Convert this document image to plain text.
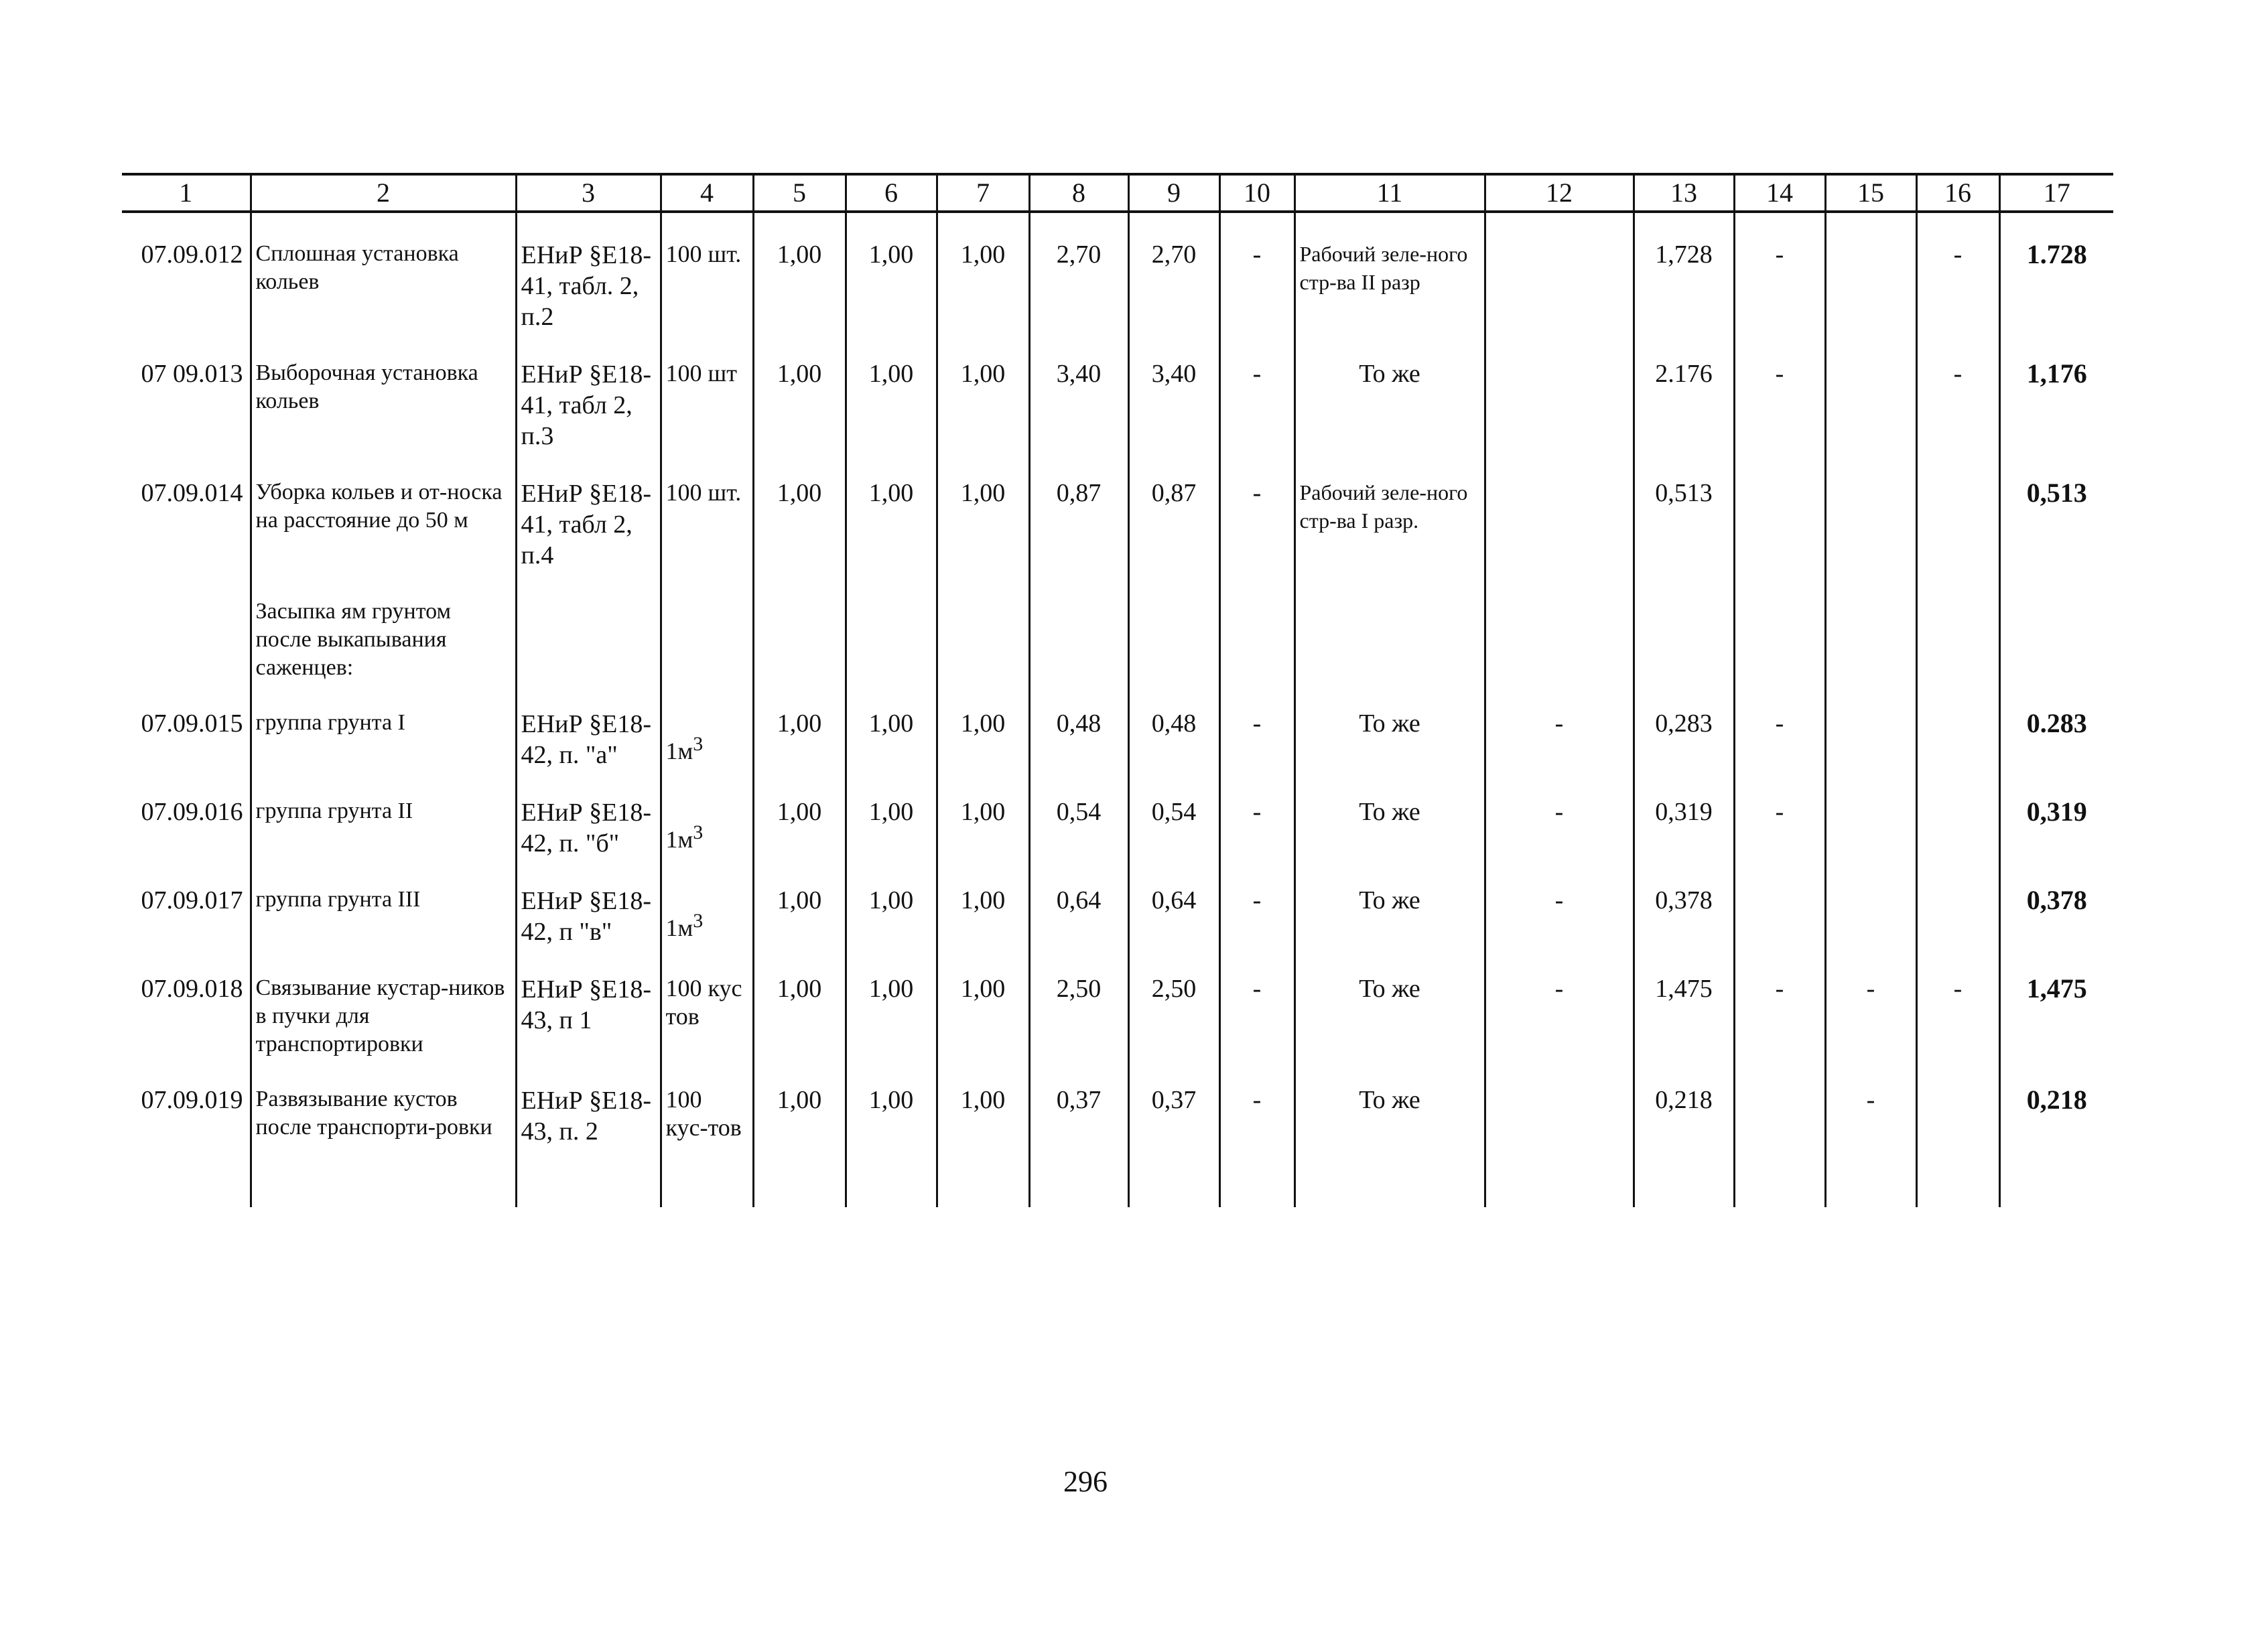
1	2	3	4	5	6	7	8	9	10	11	12	13	14	15	16	17
07.09.012	Сплошная установка кольев	ЕНиР §Е18-41, табл. 2, п.2	100 шт.	1,00	1,00	1,00	2,70	2,70	-	Рабочий зеле-ного стр-ва II разр		1,728	-		-	1.728
07 09.013	Выборочная установка кольев	ЕНиР §Е18-41, табл 2, п.3	100 шт	1,00	1,00	1,00	3,40	3,40	-	То же		2.176	-		-	1,176
07.09.014	Уборка кольев и от-носка на расстояние до 50 м	ЕНиР §Е18-41, табл 2, п.4	100 шт.	1,00	1,00	1,00	0,87	0,87	-	Рабочий зеле-ного стр-ва I разр.		0,513				0,513
	Засыпка ям грунтом после выкапывания саженцев:															
07.09.015	группа грунта I	ЕНиР §Е18-42, п. "а"	$1м^3$	1,00	1,00	1,00	0,48	0,48	-	То же	-	0,283	-			0.283
07.09.016	группа грунта II	ЕНиР §Е18-42, п. "б"	$1м^3$	1,00	1,00	1,00	0,54	0,54	-	То же	-	0,319	-			0,319
07.09.017	группа грунта III	ЕНиР §Е18-42, п "в"	$1м^3$	1,00	1,00	1,00	0,64	0,64	-	То же	-	0,378				0,378
07.09.018	Связывание кустар-ников в пучки для транспортировки	ЕНиР §Е18-43, п 1	100 кус тов	1,00	1,00	1,00	2,50	2,50	-	То же	-	1,475	-	-	-	1,475
07.09.019	Развязывание кустов после транспорти-ровки	ЕНиР §Е18-43, п. 2	100 кус-тов	1,00	1,00	1,00	0,37	0,37	-	То же		0,218		-		0,218

296
